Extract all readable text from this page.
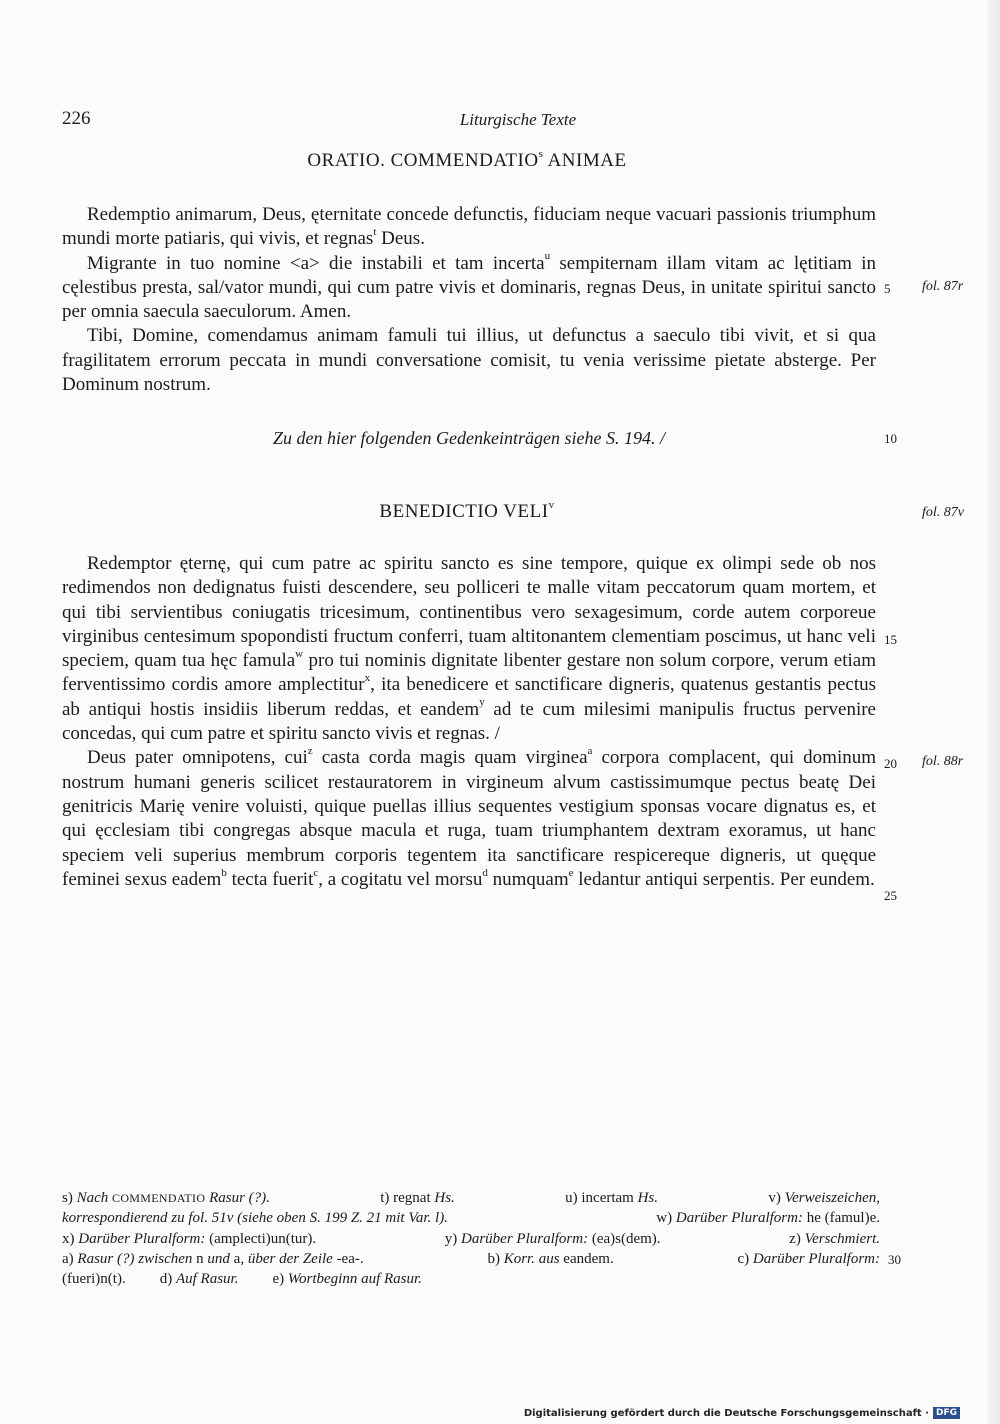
226	Liturgische Texte
ORATIO. COMMENDATIO$^s$ ANIMAE

Redemptio animarum, Deus, ęternitate concede defunctis, fiduciam neque vacuari passionis triumphum mundi morte patiaris, qui vivis, et regnas$^t$ Deus.

Migrante in tuo nomine <a> die instabili et tam incerta$^u$ sempiternam illam vitam ac lętitiam in cęlestibus presta, sal/vator mundi, qui cum patre vivis et dominaris, regnas Deus, in unitate spiritui sancto per omnia saecula saeculorum. Amen.

Tibi, Domine, comendamus animam famuli tui illius, ut defunctus a saeculo tibi vivit, et si qua fragilitatem errorum peccata in mundi conversatione comisit, tu venia verissime pietate absterge. Per Dominum nostrum.

5 fol. 87r
Zu den hier folgenden Gedenkeinträgen siehe S. 194. /	10
BENEDICTIO VELI$^v$
fol. 87v

Redemptor ęternę, qui cum patre ac spiritu sancto es sine tempore, quique ex olimpi sede ob nos redimendos non dedignatus fuisti descendere, seu polliceri te malle vitam peccatorum quam mortem, et qui tibi servientibus coniugatis tricesimum, continentibus vero sexagesimum, corde autem corporeue virginibus centesimum spopondisti fructum conferri, tuam altitonantem clementiam poscimus, ut hanc veli speciem, quam tua hęc famula$^w$ pro tui nominis dignitate libenter gestare non solum corpore, verum etiam ferventissimo cordis amore amplectitur$^x$, ita benedicere et sanctificare digneris, quatenus gestantis pectus ab antiqui hostis insidiis liberum reddas, et eandem$^y$ ad te cum milesimi manipulis fructus pervenire concedas, qui cum patre et spiritu sancto vivis et regnas. /

Deus pater omnipotens, cui$^z$ casta corda magis quam virginea$^a$ corpora complacent, qui dominum nostrum humani generis scilicet restauratorem in virgineum alvum castissimumque pectus beatę Dei genitricis Marię venire voluisti, quique puellas illius sequentes vestigium sponsas vocare dignatus es, et qui ęcclesiam tibi congregas absque macula et ruga, tuam triumphantem dextram exoramus, ut hanc speciem veli superius membrum corporis tegentem ita sanctificare respicereque digneris, ut quęque feminei sexus eadem$^b$ tecta fuerit$^c$, a cogitatu vel morsu$^d$ numquam$^e$ ledantur antiqui serpentis. Per eundem.

15
20 fol. 88r
25
s) Nach COMMENDATIO Rasur (?).	t) regnat Hs.	u) incertam Hs.	v) Verweiszeichen,
korrespondierend zu fol. 51v (siehe oben S. 199 Z. 21 mit Var. l).	w) Darüber Pluralform: he (famul)e.
x) Darüber Pluralform: (amplecti)un(tur).	y) Darüber Pluralform: (ea)s(dem).	z) Verschmiert.
a) Rasur (?) zwischen n und a, über der Zeile -ea-.	b) Korr. aus eandem.	c) Darüber Pluralform:
(fueri)n(t). d) Auf Rasur. e) Wortbeginn auf Rasur.
30
Digitalisierung gefördert durch die Deutsche Forschungsgemeinschaft · DFG
